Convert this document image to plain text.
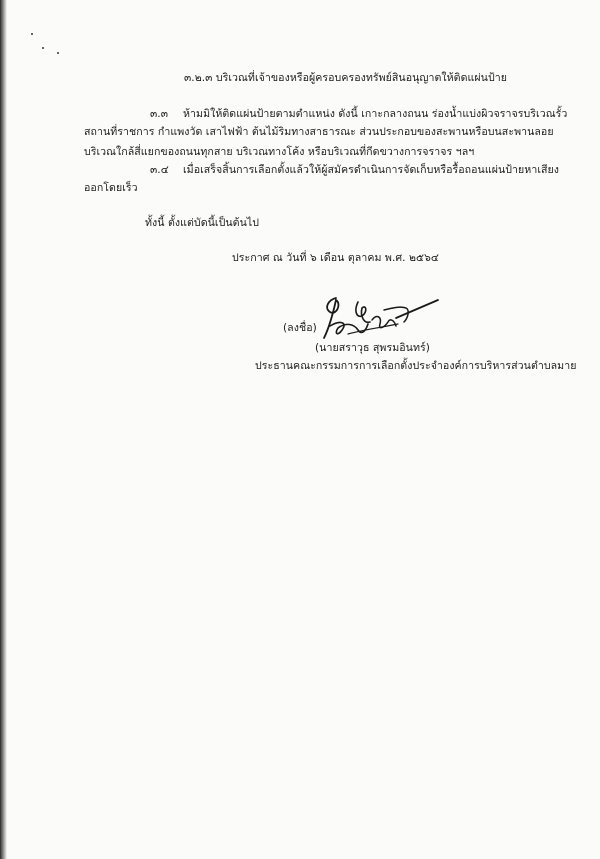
๓.๒.๓ บริเวณที่เจ้าของหรือผู้ครอบครองทรัพย์สินอนุญาตให้ติดแผ่นป้าย
๓.๓ ห้ามมิให้ติดแผ่นป้ายตามตำแหน่ง ดังนี้ เกาะกลางถนน ร่องน้ำแบ่งผิวจราจรบริเวณรั้ว
สถานที่ราชการ กำแพงวัด เสาไฟฟ้า ต้นไม้ริมทางสาธารณะ ส่วนประกอบของสะพานหรือบนสะพานลอย
บริเวณใกล้สี่แยกของถนนทุกสาย บริเวณทางโค้ง หรือบริเวณที่กีดขวางการจราจร ฯลฯ
๓.๔ เมื่อเสร็จสิ้นการเลือกตั้งแล้วให้ผู้สมัครดำเนินการจัดเก็บหรือรื้อถอนแผ่นป้ายหาเสียง
ออกโดยเร็ว
ทั้งนี้ ตั้งแต่บัดนี้เป็นต้นไป
ประกาศ ณ วันที่ ๖ เดือน ตุลาคม พ.ศ. ๒๕๖๔
(ลงชื่อ)
(นายสราวุธ สุพรมอินทร์)
ประธานคณะกรรมการการเลือกตั้งประจำองค์การบริหารส่วนตำบลมาย
